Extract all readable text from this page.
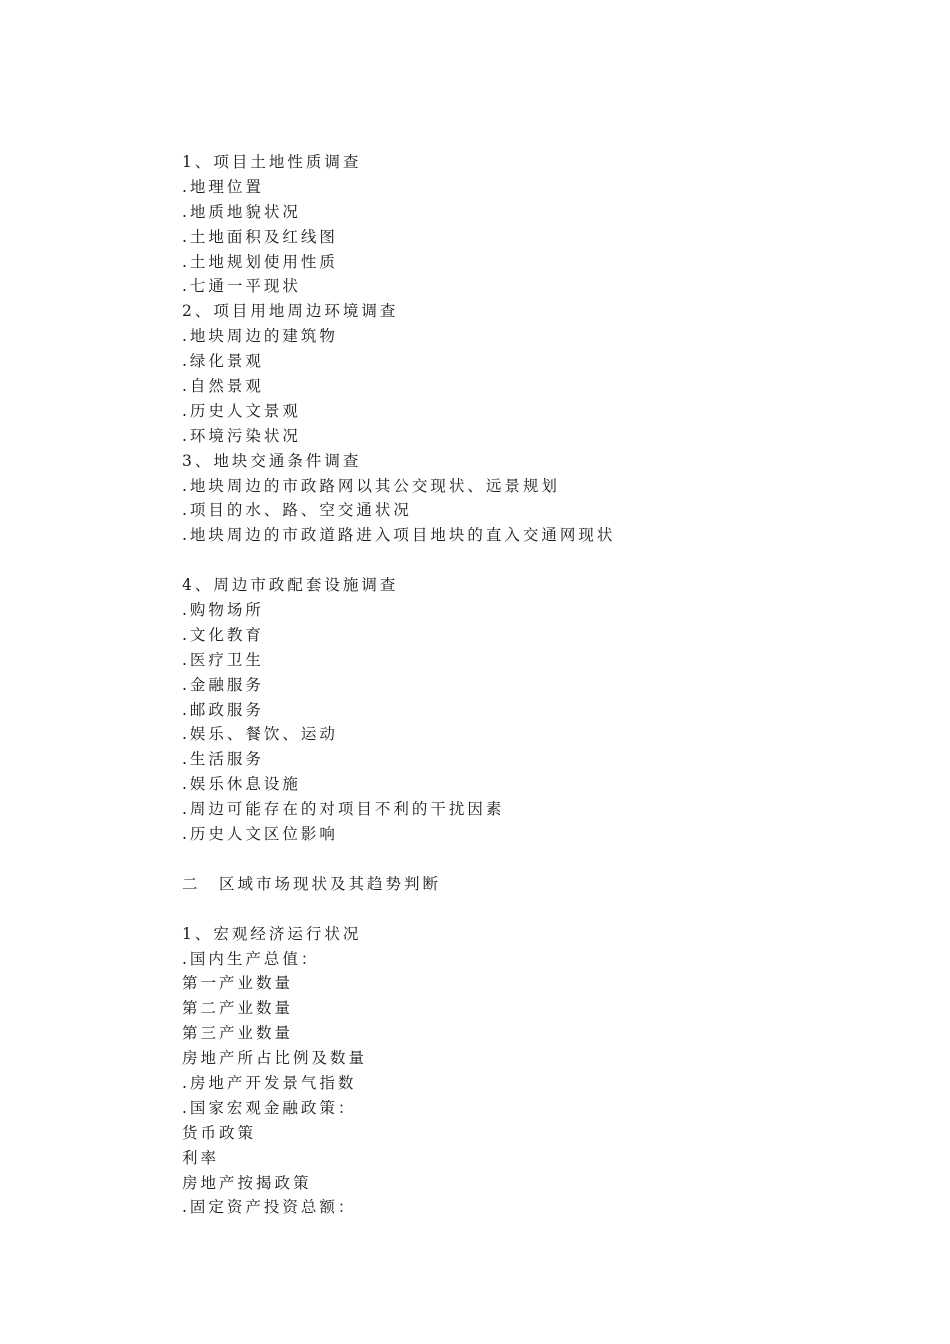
1、项目土地性质调查
.地理位置
.地质地貌状况
.土地面积及红线图
.土地规划使用性质
.七通一平现状
2、项目用地周边环境调查
.地块周边的建筑物
.绿化景观
.自然景观
.历史人文景观
.环境污染状况
3、地块交通条件调查
.地块周边的市政路网以其公交现状、远景规划
.项目的水、路、空交通状况
.地块周边的市政道路进入项目地块的直入交通网现状
4、周边市政配套设施调查
.购物场所
.文化教育
.医疗卫生
.金融服务
.邮政服务
.娱乐、餐饮、运动
.生活服务
.娱乐休息设施
.周边可能存在的对项目不利的干扰因素
.历史人文区位影响
二　区域市场现状及其趋势判断
1、宏观经济运行状况
.国内生产总值：
第一产业数量
第二产业数量
第三产业数量
房地产所占比例及数量
.房地产开发景气指数
.国家宏观金融政策：
货币政策
利率
房地产按揭政策
.固定资产投资总额：
